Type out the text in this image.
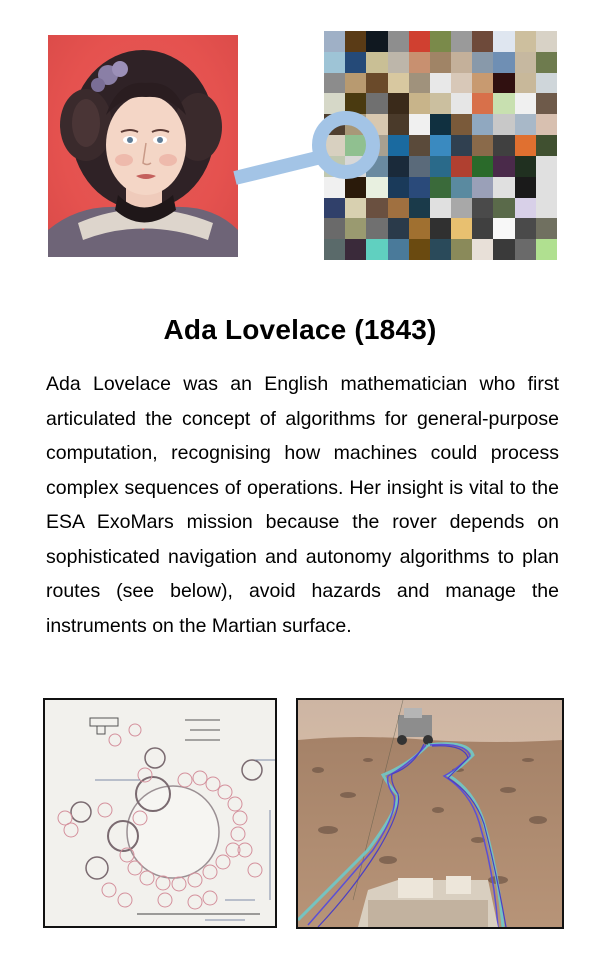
Ada Lovelace (1843)
Ada Lovelace was an English mathematician who first articulated the concept of algorithms for general-purpose computation, recognising how machines could process complex sequences of operations. Her insight is vital to the ESA ExoMars mission because the rover depends on sophisticated navigation and autonomy algorithms to plan routes (see below), avoid hazards and manage the instruments on the Martian surface.
